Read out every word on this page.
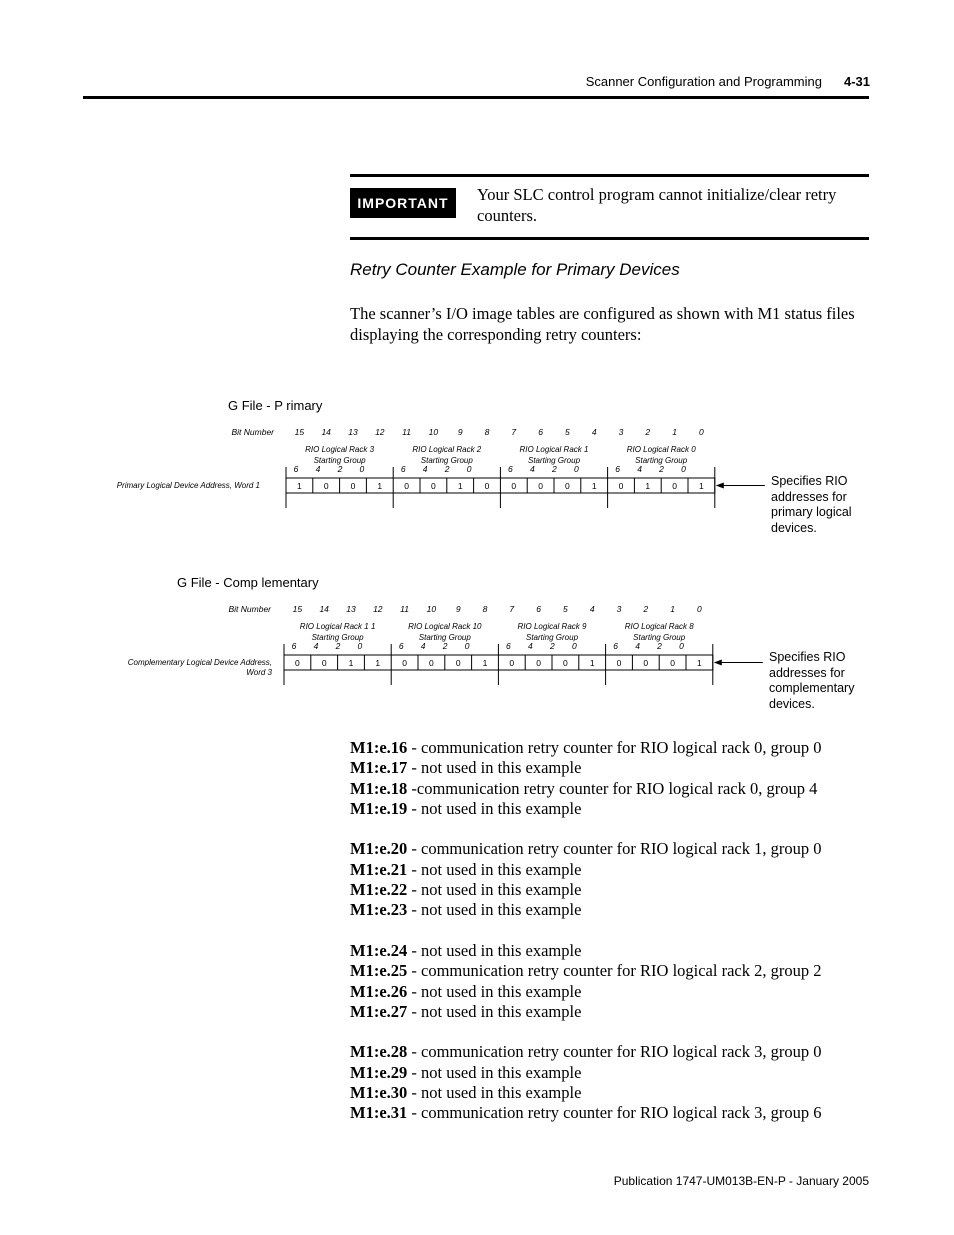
Scanner Configuration and Programming	4-31
IMPORTANT	Your SLC control program cannot initialize/clear retry counters.
Retry Counter Example for Primary Devices
The scanner’s I/O image tables are configured as shown with M1 status files displaying the corresponding retry counters:
G File - P rimary
Bit Number 15 14 13 12 11 10 9	8	7	6	5	4	3	2	1	0
RIO Logical Rack 3
Starting Group
6 4 2 0
RIO Logical Rack 2
Starting Group
6 4 2 0
RIO Logical Rack 1
Starting Group
6 4 2 0
RIO Logical Rack 0
Starting Group
6 4 2 0
Primary Logical Device Address, Word 1	1	0	0	1	0	0	1	0	0	0	0	1	0	1	0	1	Specifies RIO
addresses for
primary logical
devices.
G File - Comp lementary
Bit Number	15 14 13 12 11 10 9	8	7	6	5	4	3	2	1	0
RIO Logical Rack 1 1
Starting Group
6 4 2 0
RIO Logical Rack 10
Starting Group
6 4 2 0
RIO Logical Rack 9
Starting Group
6 4 2 0
RIO Logical Rack 8
Starting Group
6 4 2 0
Complementary Logical Device Address,
Word 3
0	0	1	1	0	0	0	1	0	0	0	1	0	0	0	1	Specifies RIO
addresses for
complementary
devices.
M1:e.16 - communication retry counter for RIO logical rack 0, group 0
M1:e.17 - not used in this example
M1:e.18 -communication retry counter for RIO logical rack 0, group 4
M1:e.19 - not used in this example
M1:e.20 - communication retry counter for RIO logical rack 1, group 0
M1:e.21 - not used in this example
M1:e.22 - not used in this example
M1:e.23 - not used in this example
M1:e.24 - not used in this example
M1:e.25 - communication retry counter for RIO logical rack 2, group 2
M1:e.26 - not used in this example
M1:e.27 - not used in this example
M1:e.28 - communication retry counter for RIO logical rack 3, group 0
M1:e.29 - not used in this example
M1:e.30 - not used in this example
M1:e.31 - communication retry counter for RIO logical rack 3, group 6
Publication 1747-UM013B-EN-P - January 2005
